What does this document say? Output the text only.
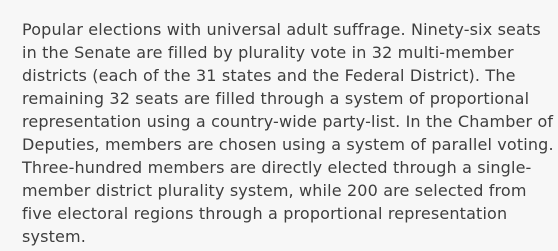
Popular elections with universal adult suffrage. Ninety-six seats
in the Senate are filled by plurality vote in 32 multi-member
districts (each of the 31 states and the Federal District). The
remaining 32 seats are filled through a system of proportional
representation using a country-wide party-list. In the Chamber of
Deputies, members are chosen using a system of parallel voting.
Three-hundred members are directly elected through a single-
member district plurality system, while 200 are selected from
five electoral regions through a proportional representation
system.
